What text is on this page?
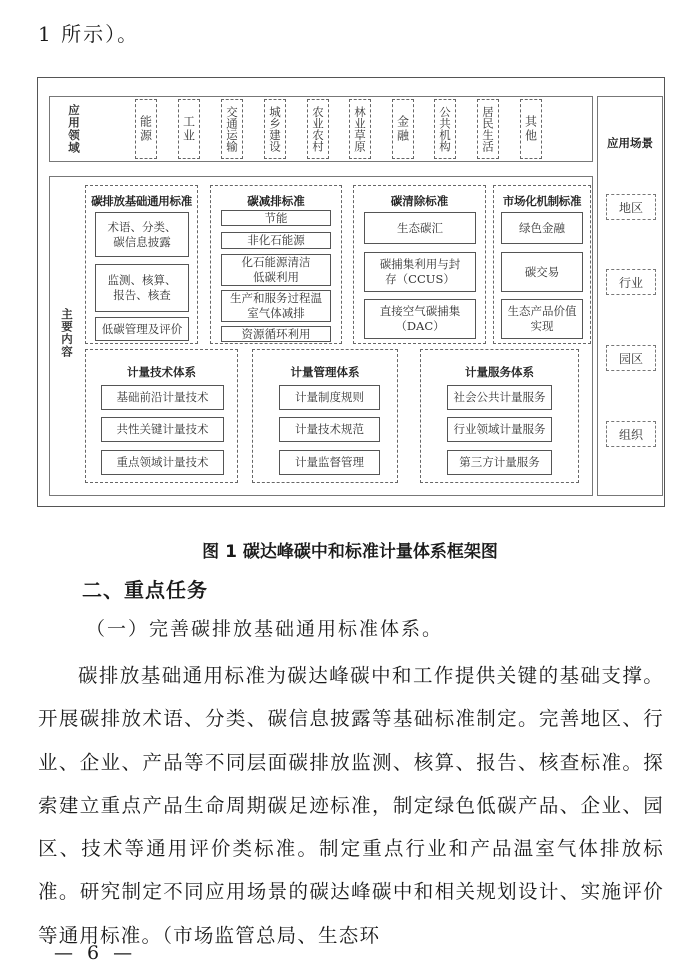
1 所示）。
应用领域	能源 工业	交通运输	城乡建设	农业农村 林业草原 金融 公共机构	居民生活 其他	应用场景
地区
行业
园区
组织
主要内容
碳排放基础通用标准
术语、分类、碳信息披露
监测、核算、报告、核查
低碳管理及评价
碳减排标准
节能
非化石能源
化石能源清洁低碳利用
生产和服务过程温室气体减排
资源循环利用
碳清除标准
生态碳汇
碳捕集利用与封存（CCUS）
直接空气碳捕集（DAC）
市场化机制标准
绿色金融
碳交易
生态产品价值实现
计量技术体系
基础前沿计量技术
共性关键计量技术
重点领域计量技术
计量管理体系
计量制度规则
计量技术规范
计量监督管理
计量服务体系
社会公共计量服务
行业领域计量服务
第三方计量服务
图 1 碳达峰碳中和标准计量体系框架图
二、重点任务
（一）完善碳排放基础通用标准体系。
碳排放基础通用标准为碳达峰碳中和工作提供关键的基础支撑。开展碳排放术语、分类、碳信息披露等基础标准制定。完善地区、行业、企业、产品等不同层面碳排放监测、核算、报告、核查标准。探索建立重点产品生命周期碳足迹标准，制定绿色低碳产品、企业、园区、技术等通用评价类标准。制定重点行业和产品温室气体排放标准。研究制定不同应用场景的碳达峰碳中和相关规划设计、实施评价等通用标准。（市场监管总局、生态环
— 6 —
